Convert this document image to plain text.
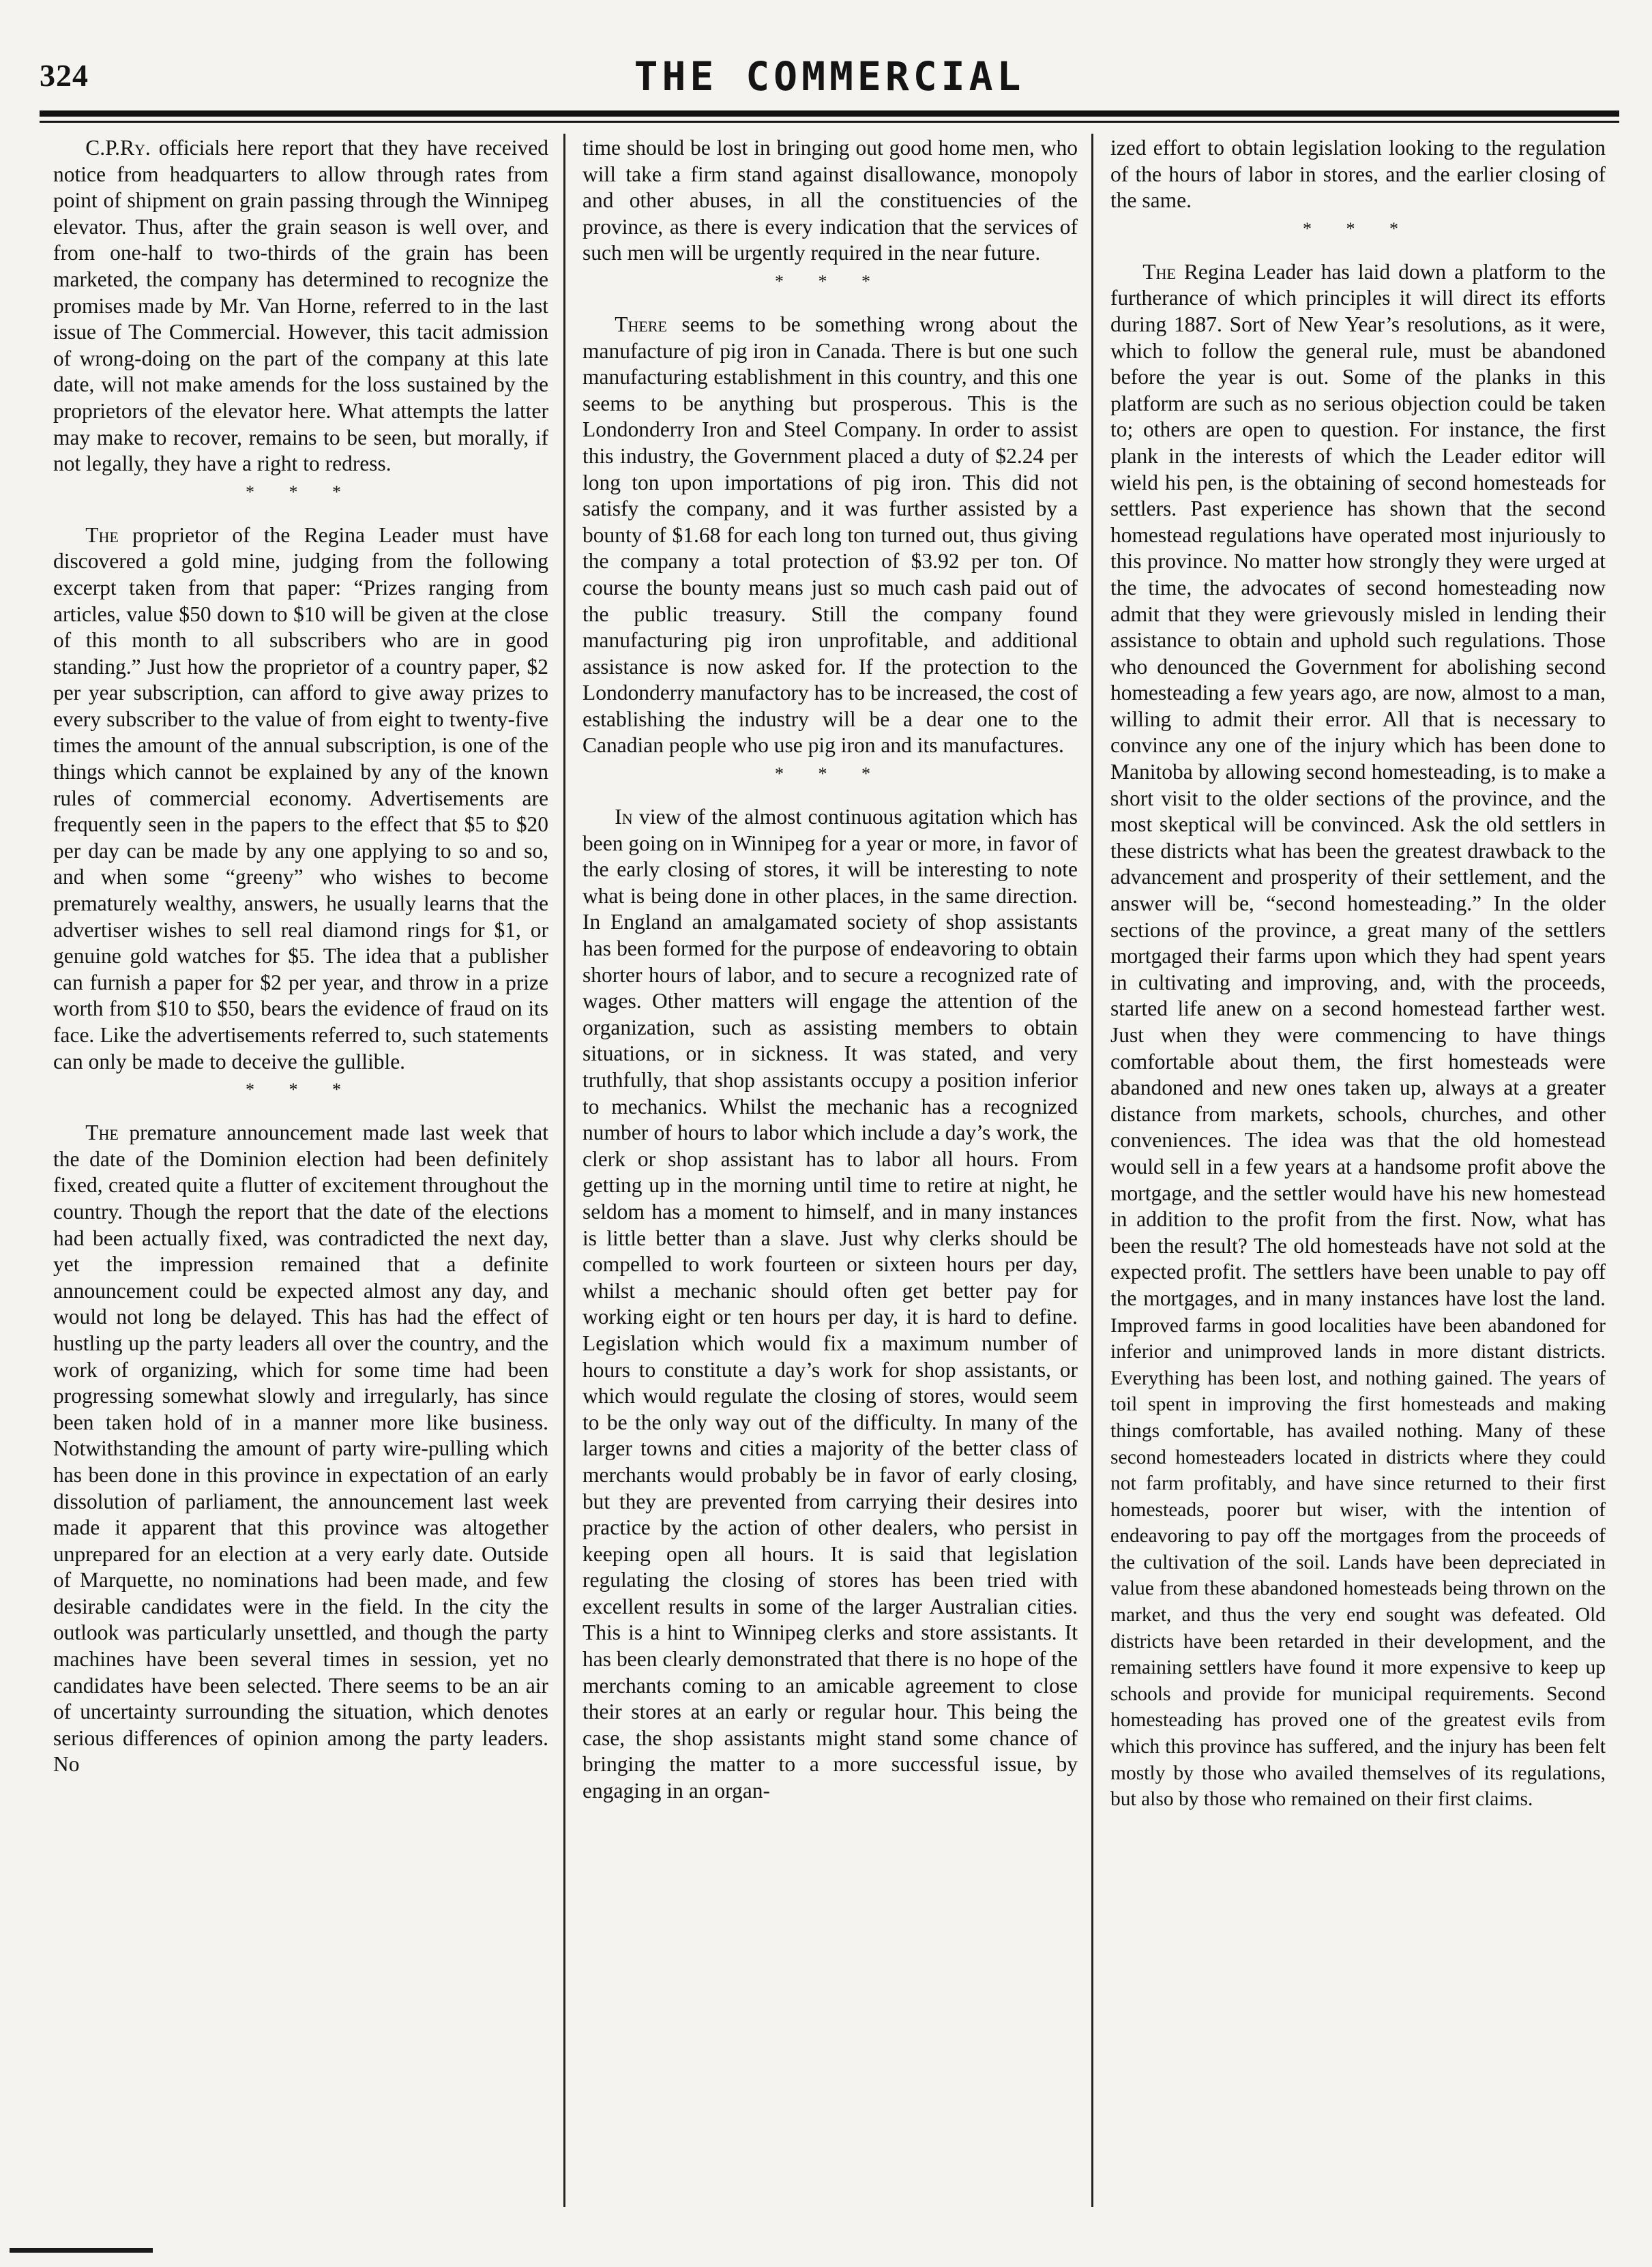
324	THE COMMERCIAL

C.P.Ry. officials here report that they have received notice from headquarters to allow through rates from point of shipment on grain passing through the Winnipeg elevator. Thus, after the grain season is well over, and from one-half to two-thirds of the grain has been marketed, the company has determined to recognize the promises made by Mr. Van Horne, referred to in the last issue of The Commercial. However, this tacit admission of wrong-doing on the part of the company at this late date, will not make amends for the loss sustained by the proprietors of the elevator here. What attempts the latter may make to recover, remains to be seen, but morally, if not legally, they have a right to redress.

* * *

The proprietor of the Regina Leader must have discovered a gold mine, judging from the following excerpt taken from that paper: “Prizes ranging from articles, value $50 down to $10 will be given at the close of this month to all subscribers who are in good standing.” Just how the proprietor of a country paper, $2 per year subscription, can afford to give away prizes to every subscriber to the value of from eight to twenty-five times the amount of the annual subscription, is one of the things which cannot be explained by any of the known rules of commercial economy. Advertisements are frequently seen in the papers to the effect that $5 to $20 per day can be made by any one applying to so and so, and when some “greeny” who wishes to become prematurely wealthy, answers, he usually learns that the advertiser wishes to sell real diamond rings for $1, or genuine gold watches for $5. The idea that a publisher can furnish a paper for $2 per year, and throw in a prize worth from $10 to $50, bears the evidence of fraud on its face. Like the advertisements referred to, such statements can only be made to deceive the gullible.

* * *

The premature announcement made last week that the date of the Dominion election had been definitely fixed, created quite a flutter of excitement throughout the country. Though the report that the date of the elections had been actually fixed, was contradicted the next day, yet the impression remained that a definite announcement could be expected almost any day, and would not long be delayed. This has had the effect of hustling up the party leaders all over the country, and the work of organizing, which for some time had been progressing somewhat slowly and irregularly, has since been taken hold of in a manner more like business. Notwithstanding the amount of party wire-pulling which has been done in this province in expectation of an early dissolution of parliament, the announcement last week made it apparent that this province was altogether unprepared for an election at a very early date. Outside of Marquette, no nominations had been made, and few desirable candidates were in the field. In the city the outlook was particularly unsettled, and though the party machines have been several times in session, yet no candidates have been selected. There seems to be an air of uncertainty surrounding the situation, which denotes serious differences of opinion among the party leaders. No

time should be lost in bringing out good home men, who will take a firm stand against disallowance, monopoly and other abuses, in all the constituencies of the province, as there is every indication that the services of such men will be urgently required in the near future.

* * *

There seems to be something wrong about the manufacture of pig iron in Canada. There is but one such manufacturing establishment in this country, and this one seems to be anything but prosperous. This is the Londonderry Iron and Steel Company. In order to assist this industry, the Government placed a duty of $2.24 per long ton upon importations of pig iron. This did not satisfy the company, and it was further assisted by a bounty of $1.68 for each long ton turned out, thus giving the company a total protection of $3.92 per ton. Of course the bounty means just so much cash paid out of the public treasury. Still the company found manufacturing pig iron unprofitable, and additional assistance is now asked for. If the protection to the Londonderry manufactory has to be increased, the cost of establishing the industry will be a dear one to the Canadian people who use pig iron and its manufactures.

* * *

In view of the almost continuous agitation which has been going on in Winnipeg for a year or more, in favor of the early closing of stores, it will be interesting to note what is being done in other places, in the same direction. In England an amalgamated society of shop assistants has been formed for the purpose of endeavoring to obtain shorter hours of labor, and to secure a recognized rate of wages. Other matters will engage the attention of the organization, such as assisting members to obtain situations, or in sickness. It was stated, and very truthfully, that shop assistants occupy a position inferior to mechanics. Whilst the mechanic has a recognized number of hours to labor which include a day’s work, the clerk or shop assistant has to labor all hours. From getting up in the morning until time to retire at night, he seldom has a moment to himself, and in many instances is little better than a slave. Just why clerks should be compelled to work fourteen or sixteen hours per day, whilst a mechanic should often get better pay for working eight or ten hours per day, it is hard to define. Legislation which would fix a maximum number of hours to constitute a day’s work for shop assistants, or which would regulate the closing of stores, would seem to be the only way out of the difficulty. In many of the larger towns and cities a majority of the better class of merchants would probably be in favor of early closing, but they are prevented from carrying their desires into practice by the action of other dealers, who persist in keeping open all hours. It is said that legislation regulating the closing of stores has been tried with excellent results in some of the larger Australian cities. This is a hint to Winnipeg clerks and store assistants. It has been clearly demonstrated that there is no hope of the merchants coming to an amicable agreement to close their stores at an early or regular hour. This being the case, the shop assistants might stand some chance of bringing the matter to a more successful issue, by engaging in an organ-

ized effort to obtain legislation looking to the regulation of the hours of labor in stores, and the earlier closing of the same.

* * *

The Regina Leader has laid down a platform to the furtherance of which principles it will direct its efforts during 1887. Sort of New Year’s resolutions, as it were, which to follow the general rule, must be abandoned before the year is out. Some of the planks in this platform are such as no serious objection could be taken to; others are open to question. For instance, the first plank in the interests of which the Leader editor will wield his pen, is the obtaining of second homesteads for settlers. Past experience has shown that the second homestead regulations have operated most injuriously to this province. No matter how strongly they were urged at the time, the advocates of second homesteading now admit that they were grievously misled in lending their assistance to obtain and uphold such regulations. Those who denounced the Government for abolishing second homesteading a few years ago, are now, almost to a man, willing to admit their error. All that is necessary to convince any one of the injury which has been done to Manitoba by allowing second homesteading, is to make a short visit to the older sections of the province, and the most skeptical will be convinced. Ask the old settlers in these districts what has been the greatest drawback to the advancement and prosperity of their settlement, and the answer will be, “second homesteading.” In the older sections of the province, a great many of the settlers mortgaged their farms upon which they had spent years in cultivating and improving, and, with the proceeds, started life anew on a second homestead farther west. Just when they were commencing to have things comfortable about them, the first homesteads were abandoned and new ones taken up, always at a greater distance from markets, schools, churches, and other conveniences. The idea was that the old homestead would sell in a few years at a handsome profit above the mortgage, and the settler would have his new homestead in addition to the profit from the first. Now, what has been the result? The old homesteads have not sold at the expected profit. The settlers have been unable to pay off the mortgages, and in many instances have lost the land. Improved farms in good localities have been abandoned for inferior and unimproved lands in more distant districts. Everything has been lost, and nothing gained. The years of toil spent in improving the first homesteads and making things comfortable, has availed nothing. Many of these second homesteaders located in districts where they could not farm profitably, and have since returned to their first homesteads, poorer but wiser, with the intention of endeavoring to pay off the mortgages from the proceeds of the cultivation of the soil. Lands have been depreciated in value from these abandoned homesteads being thrown on the market, and thus the very end sought was defeated. Old districts have been retarded in their development, and the remaining settlers have found it more expensive to keep up schools and provide for municipal requirements. Second homesteading has proved one of the greatest evils from which this province has suffered, and the injury has been felt mostly by those who availed themselves of its regulations, but also by those who remained on their first claims.
